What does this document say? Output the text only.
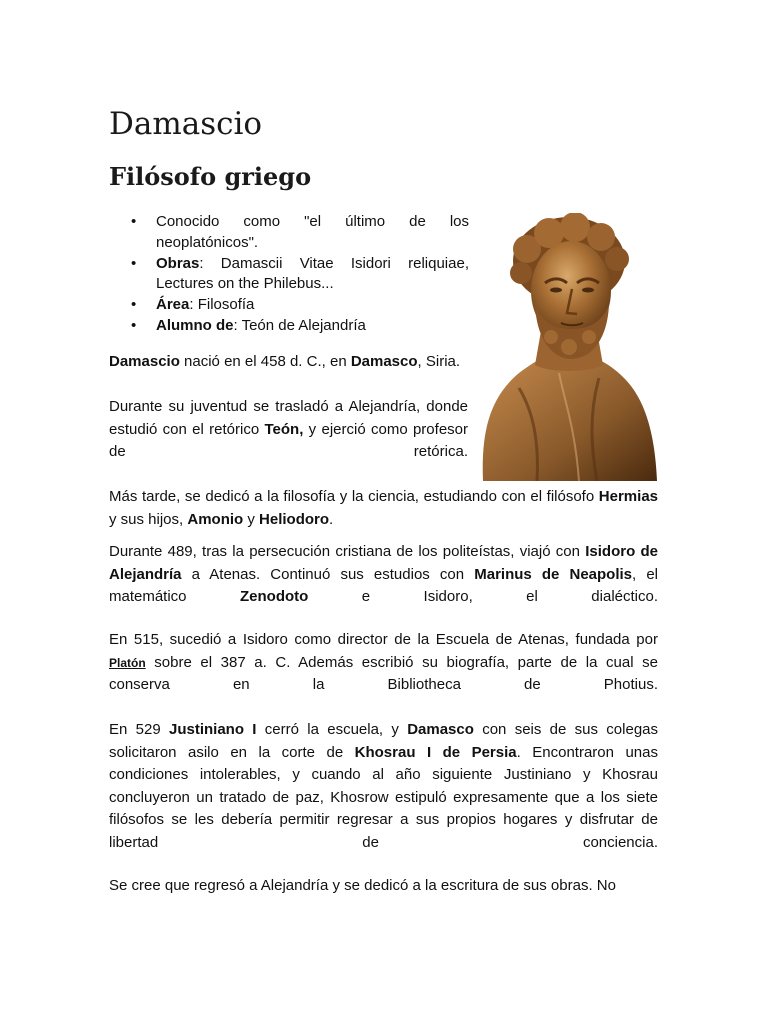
Damascio
Filósofo griego
• Conocido como "el último de los neoplatónicos".
• Obras: Damascii Vitae Isidori reliquiae, Lectures on the Philebus...
• Área: Filosofía
• Alumno de: Teón de Alejandría

Damascio nació en el 458 d. C., en Damasco, Siria.

Durante su juventud se trasladó a Alejandría, donde estudió con el retórico Teón, y ejerció como profesor de retórica.

Más tarde, se dedicó a la filosofía y la ciencia, estudiando con el filósofo Hermias y sus hijos, Amonio y Heliodoro.

Durante 489, tras la persecución cristiana de los politeístas, viajó con Isidoro de Alejandría a Atenas. Continuó sus estudios con Marinus de Neapolis, el matemático Zenodoto e Isidoro, el dialéctico.

En 515, sucedió a Isidoro como director de la Escuela de Atenas, fundada por Platón sobre el 387 a. C. Además escribió su biografía, parte de la cual se conserva en la Bibliotheca de Photius.

En 529 Justiniano I cerró la escuela, y Damasco con seis de sus colegas solicitaron asilo en la corte de Khosrau I de Persia. Encontraron unas condiciones intolerables, y cuando al año siguiente Justiniano y Khosrau concluyeron un tratado de paz, Khosrow estipuló expresamente que a los siete filósofos se les debería permitir regresar a sus propios hogares y disfrutar de libertad de conciencia.

Se cree que regresó a Alejandría y se dedicó a la escritura de sus obras. No
